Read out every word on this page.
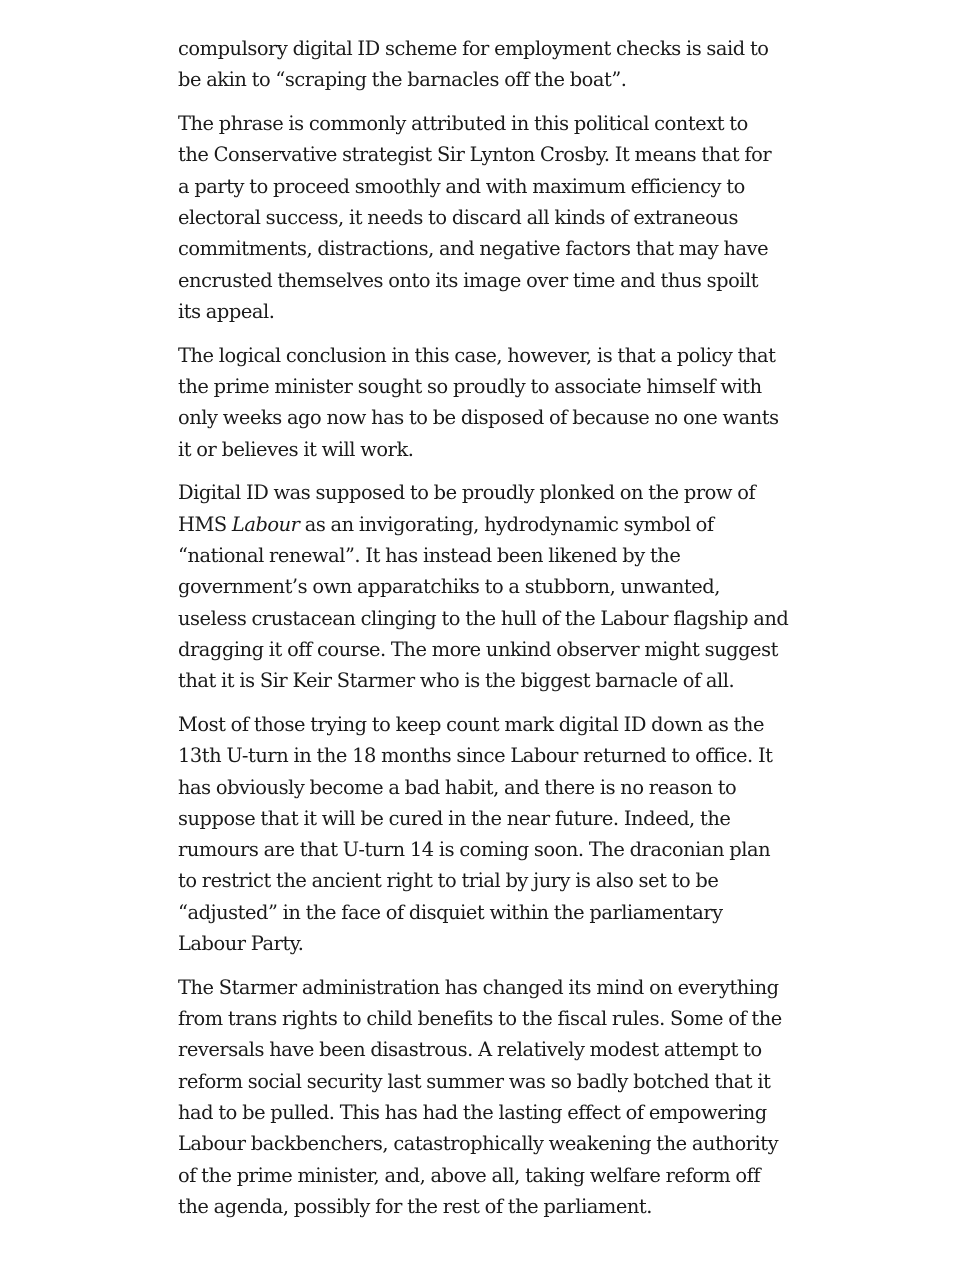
compulsory digital ID scheme for employment checks is said to
be akin to “scraping the barnacles off the boat”.

The phrase is commonly attributed in this political context to
the Conservative strategist Sir Lynton Crosby. It means that for
a party to proceed smoothly and with maximum efficiency to
electoral success, it needs to discard all kinds of extraneous
commitments, distractions, and negative factors that may have
encrusted themselves onto its image over time and thus spoilt
its appeal.

The logical conclusion in this case, however, is that a policy that
the prime minister sought so proudly to associate himself with
only weeks ago now has to be disposed of because no one wants
it or believes it will work.

Digital ID was supposed to be proudly plonked on the prow of
HMS Labour as an invigorating, hydrodynamic symbol of
“national renewal”. It has instead been likened by the
government’s own apparatchiks to a stubborn, unwanted,
useless crustacean clinging to the hull of the Labour flagship and
dragging it off course. The more unkind observer might suggest
that it is Sir Keir Starmer who is the biggest barnacle of all.

Most of those trying to keep count mark digital ID down as the
13th U-turn in the 18 months since Labour returned to office. It
has obviously become a bad habit, and there is no reason to
suppose that it will be cured in the near future. Indeed, the
rumours are that U-turn 14 is coming soon. The draconian plan
to restrict the ancient right to trial by jury is also set to be
“adjusted” in the face of disquiet within the parliamentary
Labour Party.

The Starmer administration has changed its mind on everything
from trans rights to child benefits to the fiscal rules. Some of the
reversals have been disastrous. A relatively modest attempt to
reform social security last summer was so badly botched that it
had to be pulled. This has had the lasting effect of empowering
Labour backbenchers, catastrophically weakening the authority
of the prime minister, and, above all, taking welfare reform off
the agenda, possibly for the rest of the parliament.
